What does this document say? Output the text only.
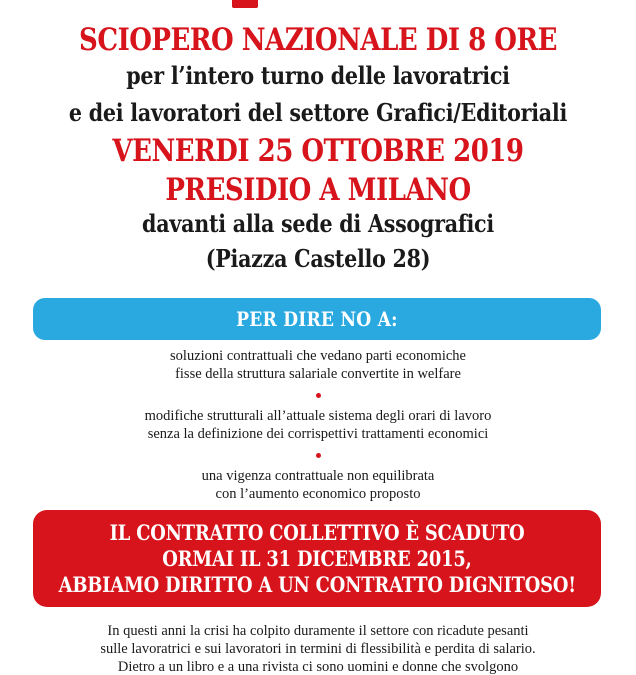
SCIOPERO NAZIONALE DI 8 ORE
per l’intero turno delle lavoratrici
e dei lavoratori del settore Grafici/Editoriali
VENERDI 25 OTTOBRE 2019
PRESIDIO A MILANO
davanti alla sede di Assografici
(Piazza Castello 28)
PER DIRE NO A:
soluzioni contrattuali che vedano parti economiche
fisse della struttura salariale convertite in welfare
modifiche strutturali all’attuale sistema degli orari di lavoro
senza la definizione dei corrispettivi trattamenti economici
una vigenza contrattuale non equilibrata
con l’aumento economico proposto
IL CONTRATTO COLLETTIVO È SCADUTO
ORMAI IL 31 DICEMBRE 2015,
ABBIAMO DIRITTO A UN CONTRATTO DIGNITOSO!
In questi anni la crisi ha colpito duramente il settore con ricadute pesanti
sulle lavoratrici e sui lavoratori in termini di flessibilità e perdita di salario.
Dietro a un libro e a una rivista ci sono uomini e donne che svolgono
